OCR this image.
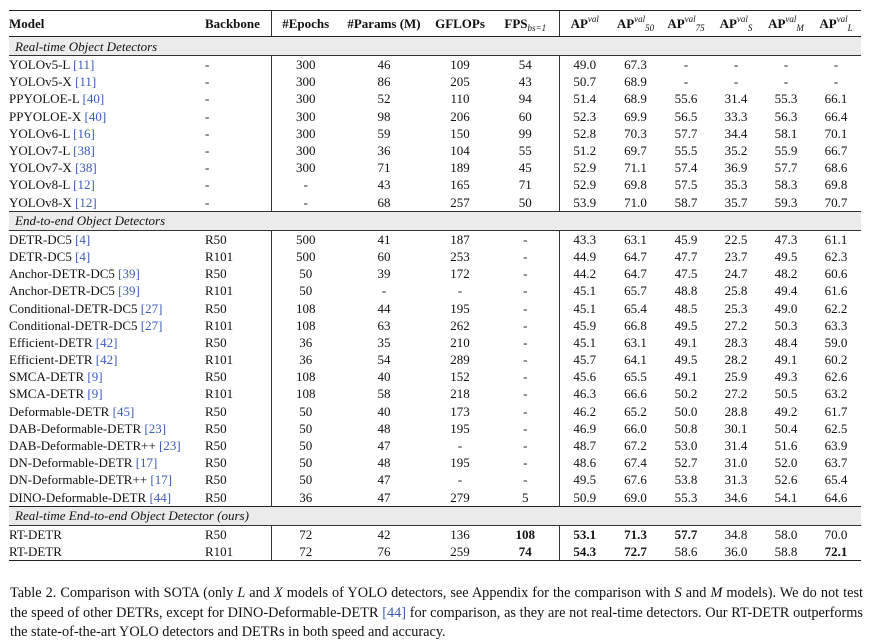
Model	Backbone	#Epochs	#Params (M)	GFLOPs	$FPS_{bs=1}$	$AP^{val}$	$AP^{val}_{50}$	$AP^{val}_{75}$	$AP^{val}_S$	$AP^{val}_M$	$AP^{val}_L$
Real-time Object Detectors											
YOLOv5-L [11]	-	300	46	109	54	49.0	67.3	-	-	-	-
YOLOv5-X [11]	-	300	86	205	43	50.7	68.9	-	-	-	-
PPYOLOE-L [40]	-	300	52	110	94	51.4	68.9	55.6	31.4	55.3	66.1
PPYOLOE-X [40]	-	300	98	206	60	52.3	69.9	56.5	33.3	56.3	66.4
YOLOv6-L [16]	-	300	59	150	99	52.8	70.3	57.7	34.4	58.1	70.1
YOLOv7-L [38]	-	300	36	104	55	51.2	69.7	55.5	35.2	55.9	66.7
YOLOv7-X [38]	-	300	71	189	45	52.9	71.1	57.4	36.9	57.7	68.6
YOLOv8-L [12]	-	-	43	165	71	52.9	69.8	57.5	35.3	58.3	69.8
YOLOv8-X [12]	-	-	68	257	50	53.9	71.0	58.7	35.7	59.3	70.7
End-to-end Object Detectors											
DETR-DC5 [4]	R50	500	41	187	-	43.3	63.1	45.9	22.5	47.3	61.1
DETR-DC5 [4]	R101	500	60	253	-	44.9	64.7	47.7	23.7	49.5	62.3
Anchor-DETR-DC5 [39]	R50	50	39	172	-	44.2	64.7	47.5	24.7	48.2	60.6
Anchor-DETR-DC5 [39]	R101	50	-	-	-	45.1	65.7	48.8	25.8	49.4	61.6
Conditional-DETR-DC5 [27]	R50	108	44	195	-	45.1	65.4	48.5	25.3	49.0	62.2
Conditional-DETR-DC5 [27]	R101	108	63	262	-	45.9	66.8	49.5	27.2	50.3	63.3
Efficient-DETR [42]	R50	36	35	210	-	45.1	63.1	49.1	28.3	48.4	59.0
Efficient-DETR [42]	R101	36	54	289	-	45.7	64.1	49.5	28.2	49.1	60.2
SMCA-DETR [9]	R50	108	40	152	-	45.6	65.5	49.1	25.9	49.3	62.6
SMCA-DETR [9]	R101	108	58	218	-	46.3	66.6	50.2	27.2	50.5	63.2
Deformable-DETR [45]	R50	50	40	173	-	46.2	65.2	50.0	28.8	49.2	61.7
DAB-Deformable-DETR [23]	R50	50	48	195	-	46.9	66.0	50.8	30.1	50.4	62.5
DAB-Deformable-DETR++ [23]	R50	50	47	-	-	48.7	67.2	53.0	31.4	51.6	63.9
DN-Deformable-DETR [17]	R50	50	48	195	-	48.6	67.4	52.7	31.0	52.0	63.7
DN-Deformable-DETR++ [17]	R50	50	47	-	-	49.5	67.6	53.8	31.3	52.6	65.4
DINO-Deformable-DETR [44]	R50	36	47	279	5	50.9	69.0	55.3	34.6	54.1	64.6
Real-time End-to-end Object Detector (ours)											
RT-DETR	R50	72	42	136	108	53.1	71.3	57.7	34.8	58.0	70.0
RT-DETR	R101	72	76	259	74	54.3	72.7	58.6	36.0	58.8	72.1
Table 2. Comparison with SOTA (only L and X models of YOLO detectors, see Appendix for the comparison with S and M models). We do not test the speed of other DETRs, except for DINO-Deformable-DETR [44] for comparison, as they are not real-time detectors. Our RT-DETR outperforms the state-of-the-art YOLO detectors and DETRs in both speed and accuracy.
